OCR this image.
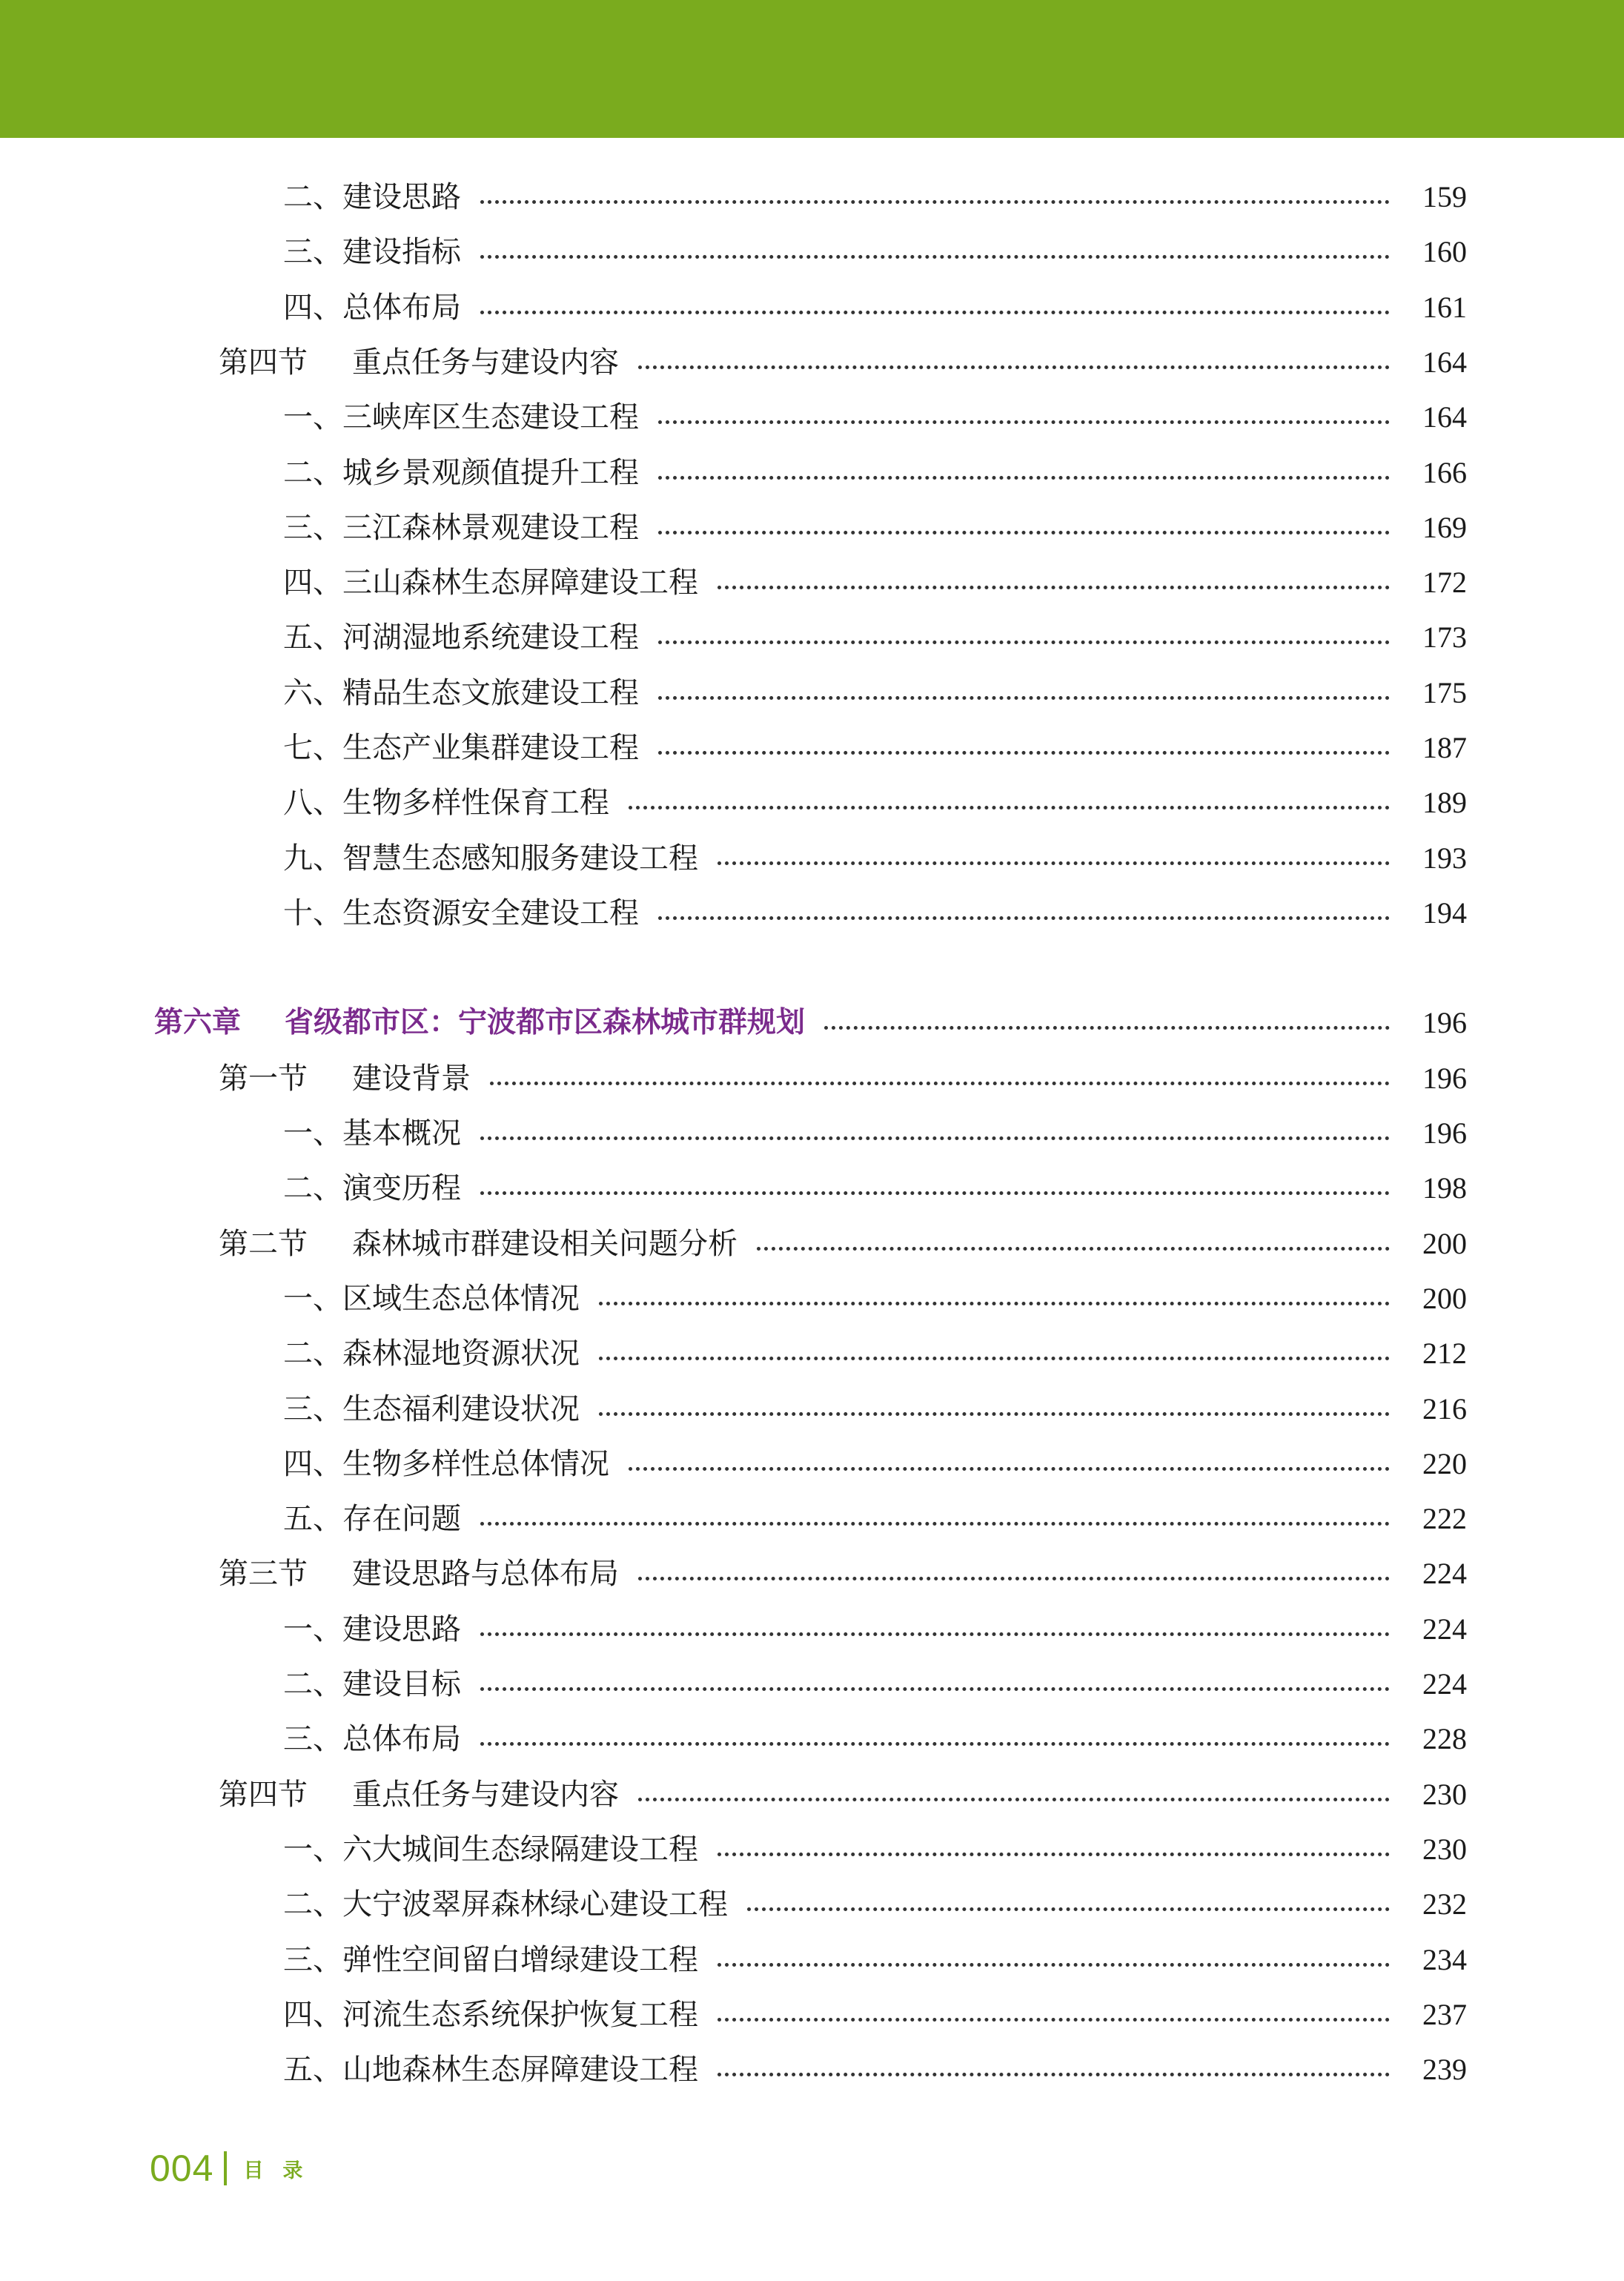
二、建设思路	159
三、建设指标	160
四、总体布局	161
第四节 重点任务与建设内容	164
一、三峡库区生态建设工程	164
二、城乡景观颜值提升工程	166
三、三江森林景观建设工程	169
四、三山森林生态屏障建设工程	172
五、河湖湿地系统建设工程	173
六、精品生态文旅建设工程	175
七、生态产业集群建设工程	187
八、生物多样性保育工程	189
九、智慧生态感知服务建设工程	193
十、生态资源安全建设工程	194
第六章 省级都市区：宁波都市区森林城市群规划	196
第一节 建设背景	196
一、基本概况	196
二、演变历程	198
第二节 森林城市群建设相关问题分析	200
一、区域生态总体情况	200
二、森林湿地资源状况	212
三、生态福利建设状况	216
四、生物多样性总体情况	220
五、存在问题	222
第三节 建设思路与总体布局	224
一、建设思路	224
二、建设目标	224
三、总体布局	228
第四节 重点任务与建设内容	230
一、六大城间生态绿隔建设工程	230
二、大宁波翠屏森林绿心建设工程	232
三、弹性空间留白增绿建设工程	234
四、河流生态系统保护恢复工程	237
五、山地森林生态屏障建设工程	239
004 目录
